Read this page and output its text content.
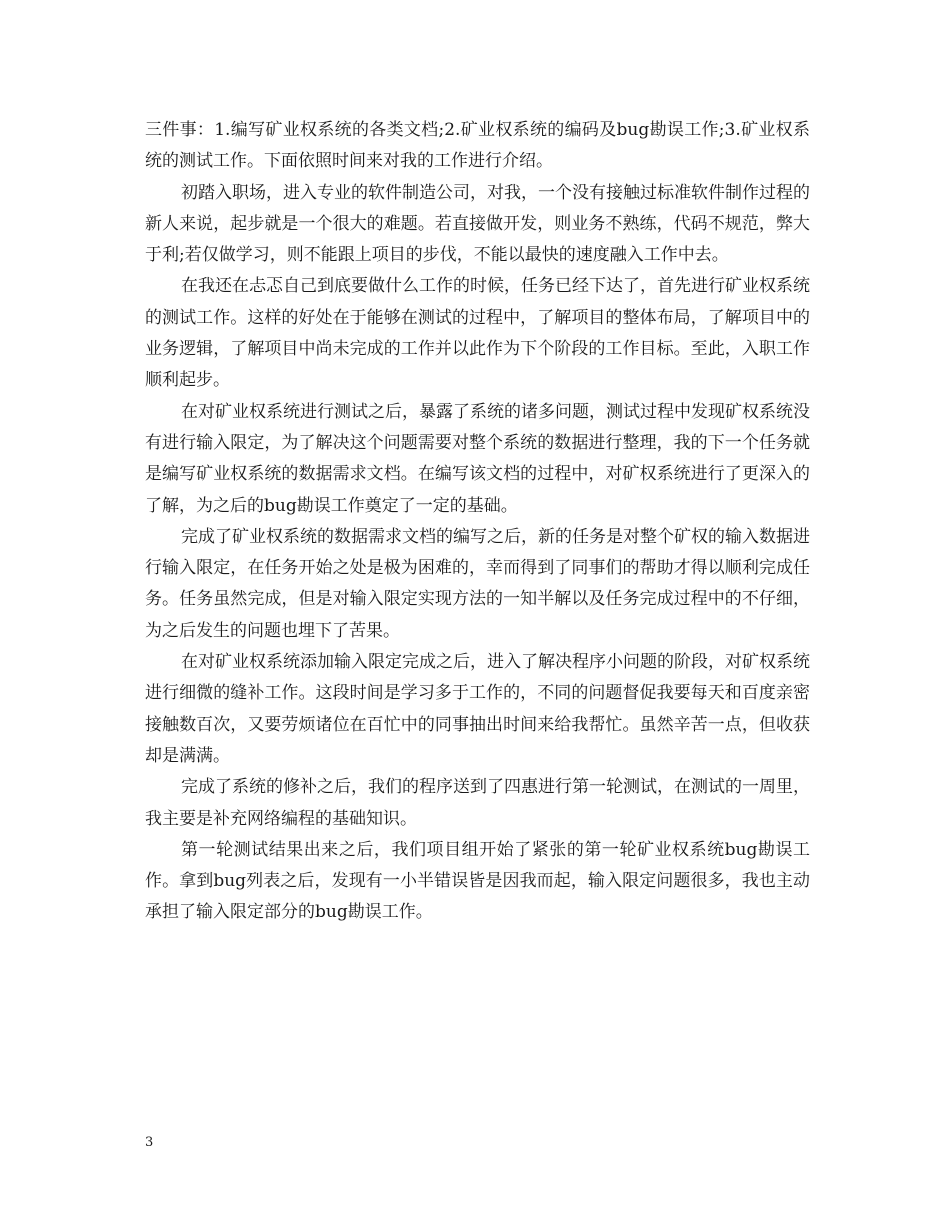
三件事：1.编写矿业权系统的各类文档;2.矿业权系统的编码及bug勘误工作;3.矿业权系统的测试工作。下面依照时间来对我的工作进行介绍。

初踏入职场，进入专业的软件制造公司，对我，一个没有接触过标准软件制作过程的新人来说，起步就是一个很大的难题。若直接做开发，则业务不熟练，代码不规范，弊大于利;若仅做学习，则不能跟上项目的步伐，不能以最快的速度融入工作中去。

在我还在忐忑自己到底要做什么工作的时候，任务已经下达了，首先进行矿业权系统的测试工作。这样的好处在于能够在测试的过程中，了解项目的整体布局，了解项目中的业务逻辑，了解项目中尚未完成的工作并以此作为下个阶段的工作目标。至此，入职工作顺利起步。

在对矿业权系统进行测试之后，暴露了系统的诸多问题，测试过程中发现矿权系统没有进行输入限定，为了解决这个问题需要对整个系统的数据进行整理，我的下一个任务就是编写矿业权系统的数据需求文档。在编写该文档的过程中，对矿权系统进行了更深入的了解，为之后的bug勘误工作奠定了一定的基础。

完成了矿业权系统的数据需求文档的编写之后，新的任务是对整个矿权的输入数据进行输入限定，在任务开始之处是极为困难的，幸而得到了同事们的帮助才得以顺利完成任务。任务虽然完成，但是对输入限定实现方法的一知半解以及任务完成过程中的不仔细，为之后发生的问题也埋下了苦果。

在对矿业权系统添加输入限定完成之后，进入了解决程序小问题的阶段，对矿权系统进行细微的缝补工作。这段时间是学习多于工作的，不同的问题督促我要每天和百度亲密接触数百次，又要劳烦诸位在百忙中的同事抽出时间来给我帮忙。虽然辛苦一点，但收获却是满满。

完成了系统的修补之后，我们的程序送到了四惠进行第一轮测试，在测试的一周里，我主要是补充网络编程的基础知识。

第一轮测试结果出来之后，我们项目组开始了紧张的第一轮矿业权系统bug勘误工作。拿到bug列表之后，发现有一小半错误皆是因我而起，输入限定问题很多，我也主动承担了输入限定部分的bug勘误工作。

3
